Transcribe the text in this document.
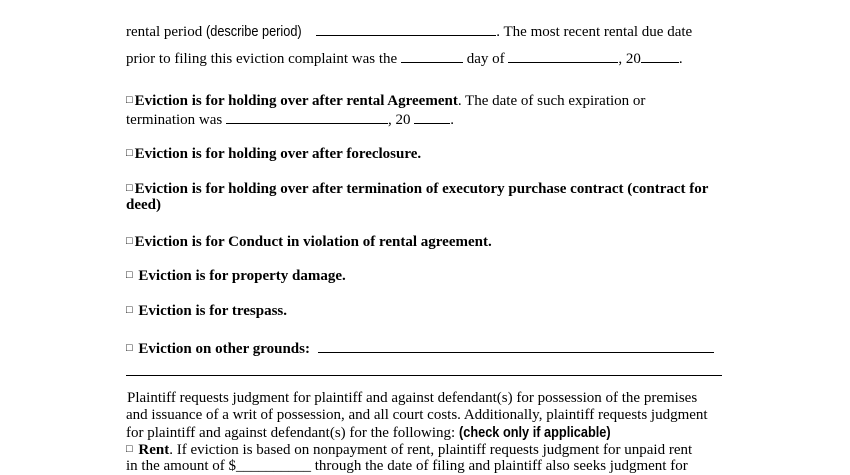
rental period (describe period)	. The most recent rental due date
prior to filing this eviction complaint was the	day of	, 20	.
□ Eviction is for holding over after rental Agreement. The date of such expiration or
termination was	, 20	.
□ Eviction is for holding over after foreclosure.
□ Eviction is for holding over after termination of executory purchase contract (contract for
deed)
□ Eviction is for Conduct in violation of rental agreement.
□ Eviction is for property damage.
□ Eviction is for trespass.
□ Eviction on other grounds:
Plaintiff requests judgment for plaintiff and against defendant(s) for possession of the premises
and issuance of a writ of possession, and all court costs. Additionally, plaintiff requests judgment
for plaintiff and against defendant(s) for the following: (check only if applicable)
□ Rent. If eviction is based on nonpayment of rent, plaintiff requests judgment for unpaid rent
in the amount of $__________ through the date of filing and plaintiff also seeks judgment for
